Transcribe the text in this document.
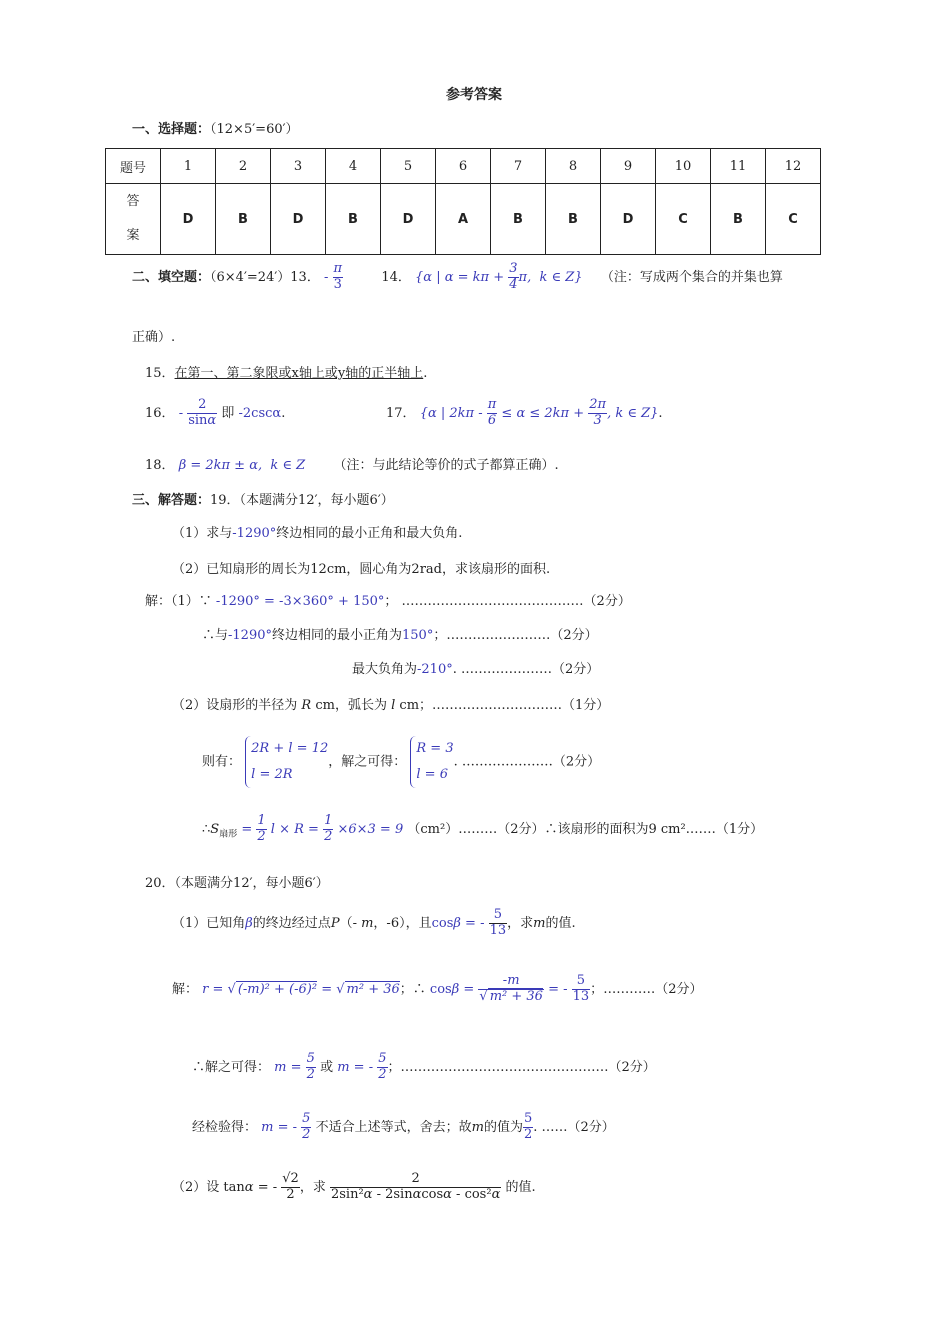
参考答案
一、选择题：（12×5′=60′）
题号	1	2	3	4	5	6	7	8	9	10	11	12

答
案	D	B	D	B	D	A	B	B	D	C	B	C
二、填空题：（6×4′=24′）13． - $\frac{\pi}{3}$	14． {α | $\alpha = k\pi + \frac{3}{4} \pi$,  k ∈ Z} （注：写成两个集合的并集也算
正确）.
15．在第一、第二象限或x轴上或y轴的正半轴上.
16． - $\frac{2}{\sin\alpha}$ 即 -2cscα.	17． {α | $2k\pi - \frac{\pi}{6} \le \alpha \le 2k\pi + \frac{2\pi}{3}$ , k ∈ Z}.
18． β = 2kπ ± α,  k ∈ Z （注：与此结论等价的式子都算正确）.
三、解答题：19．（本题满分12′，每小题6′）
（1）求与-1290°终边相同的最小正角和最大负角.
（2）已知扇形的周长为12cm，圆心角为2rad，求该扇形的面积.
解：（1）∵ -1290° = -3×360° + 150°； ……………………………………（2分）
∴与-1290°终边相同的最小正角为150°；……………………（2分）
最大负角为-210°. …………………（2分）
（2）设扇形的半径为 R cm，弧长为 l cm；…………………………（1分）
则有： 2R + l = 12
l = 2R，解之可得： R = 3
l = 6. …………………（2分）
$\therefore S_{扇形} = \frac{1}{2}$ $l \times R = \frac{1}{2} \times 6\times 3 = 9$ （cm²）………（2分）∴该扇形的面积为9 cm².……（1分）
20．（本题满分12′，每小题6′）
（1）已知角β的终边经过点P（- m，-6），且cosβ = - $\frac{5}{13}$ ，求m的值.
解： r = √ (-m)² + (-6)² = √ m² + 36；∴ $\cos\beta = \frac{-m}{\text{√ m² + 36}}$ = - $\frac{5}{13}$ ；…………（2分）
∴解之可得： $m = \frac{5}{2}$ 或 m = - $\frac{5}{2}$ ；…………………………………………（2分）
经检验得： m = - $\frac{5}{2}$ 不适合上述等式，舍去；故m的值为 $\frac{5}{2}$ . ……（2分）
（2）设 tanα = - $\frac{√2}{2}$ ，求 $\frac{2}{\text{2sin²α - 2sinαcosα - cos²α}}$ 的值.
